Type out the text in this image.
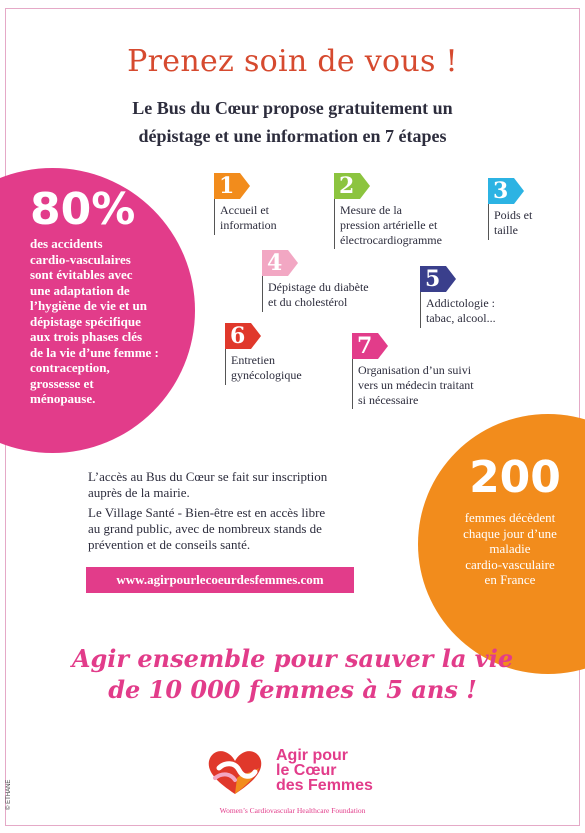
Prenez soin de vous !
Le Bus du Cœur propose gratuitement un
dépistage et une information en 7 étapes
80%
des accidents
cardio-vasculaires
sont évitables avec
une adaptation de
l’hygiène de vie et un
dépistage spécifique
aux trois phases clés
de la vie d’une femme :
contraception,
grossesse et
ménopause.
200
femmes décèdent
chaque jour d’une
maladie
cardio-vasculaire
en France
1
Accueil et
information
2
Mesure de la
pression artérielle et
électrocardiogramme
3
Poids et
taille
4
Dépistage du diabète
et du cholestérol
5
Addictologie :
tabac, alcool...
6
Entretien
gynécologique
7
Organisation d’un suivi
vers un médecin traitant
si nécessaire
L’accès au Bus du Cœur se fait sur inscription
auprès de la mairie.
Le Village Santé - Bien-être est en accès libre
au grand public, avec de nombreux stands de
prévention et de conseils santé.
www.agirpourlecoeurdesfemmes.com
Agir ensemble pour sauver la vie
de 10 000 femmes à 5 ans !
Agir pour
le Cœur
des Femmes
Women’s Cardiovascular Healthcare Foundation
© ETHANE
